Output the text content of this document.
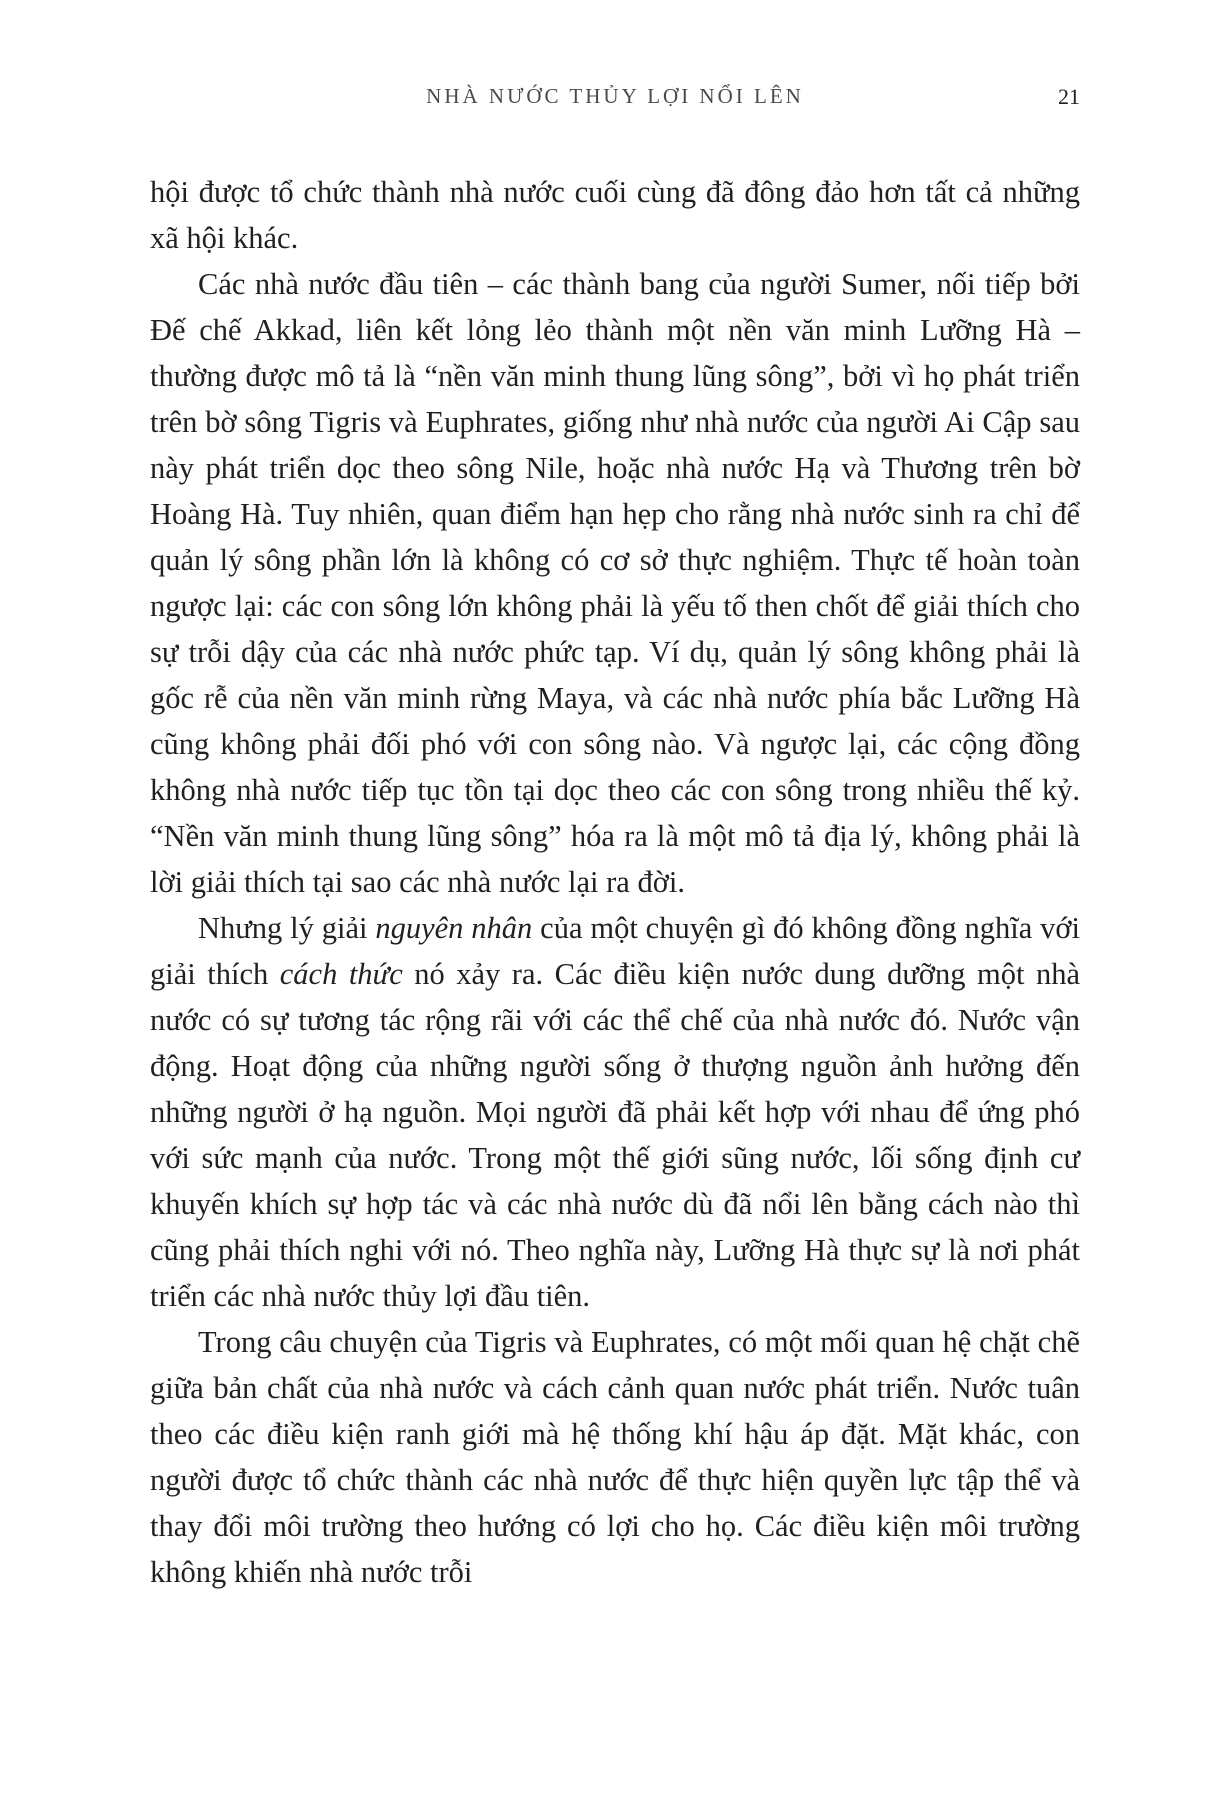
NHÀ NƯỚC THỦY LỢI NỔI LÊN	21

hội được tổ chức thành nhà nước cuối cùng đã đông đảo hơn tất cả những xã hội khác.

Các nhà nước đầu tiên – các thành bang của người Sumer, nối tiếp bởi Đế chế Akkad, liên kết lỏng lẻo thành một nền văn minh Lưỡng Hà – thường được mô tả là “nền văn minh thung lũng sông”, bởi vì họ phát triển trên bờ sông Tigris và Euphrates, giống như nhà nước của người Ai Cập sau này phát triển dọc theo sông Nile, hoặc nhà nước Hạ và Thương trên bờ Hoàng Hà. Tuy nhiên, quan điểm hạn hẹp cho rằng nhà nước sinh ra chỉ để quản lý sông phần lớn là không có cơ sở thực nghiệm. Thực tế hoàn toàn ngược lại: các con sông lớn không phải là yếu tố then chốt để giải thích cho sự trỗi dậy của các nhà nước phức tạp. Ví dụ, quản lý sông không phải là gốc rễ của nền văn minh rừng Maya, và các nhà nước phía bắc Lưỡng Hà cũng không phải đối phó với con sông nào. Và ngược lại, các cộng đồng không nhà nước tiếp tục tồn tại dọc theo các con sông trong nhiều thế kỷ. “Nền văn minh thung lũng sông” hóa ra là một mô tả địa lý, không phải là lời giải thích tại sao các nhà nước lại ra đời.

Nhưng lý giải nguyên nhân của một chuyện gì đó không đồng nghĩa với giải thích cách thức nó xảy ra. Các điều kiện nước dung dưỡng một nhà nước có sự tương tác rộng rãi với các thể chế của nhà nước đó. Nước vận động. Hoạt động của những người sống ở thượng nguồn ảnh hưởng đến những người ở hạ nguồn. Mọi người đã phải kết hợp với nhau để ứng phó với sức mạnh của nước. Trong một thế giới sũng nước, lối sống định cư khuyến khích sự hợp tác và các nhà nước dù đã nổi lên bằng cách nào thì cũng phải thích nghi với nó. Theo nghĩa này, Lưỡng Hà thực sự là nơi phát triển các nhà nước thủy lợi đầu tiên.

Trong câu chuyện của Tigris và Euphrates, có một mối quan hệ chặt chẽ giữa bản chất của nhà nước và cách cảnh quan nước phát triển. Nước tuân theo các điều kiện ranh giới mà hệ thống khí hậu áp đặt. Mặt khác, con người được tổ chức thành các nhà nước để thực hiện quyền lực tập thể và thay đổi môi trường theo hướng có lợi cho họ. Các điều kiện môi trường không khiến nhà nước trỗi
